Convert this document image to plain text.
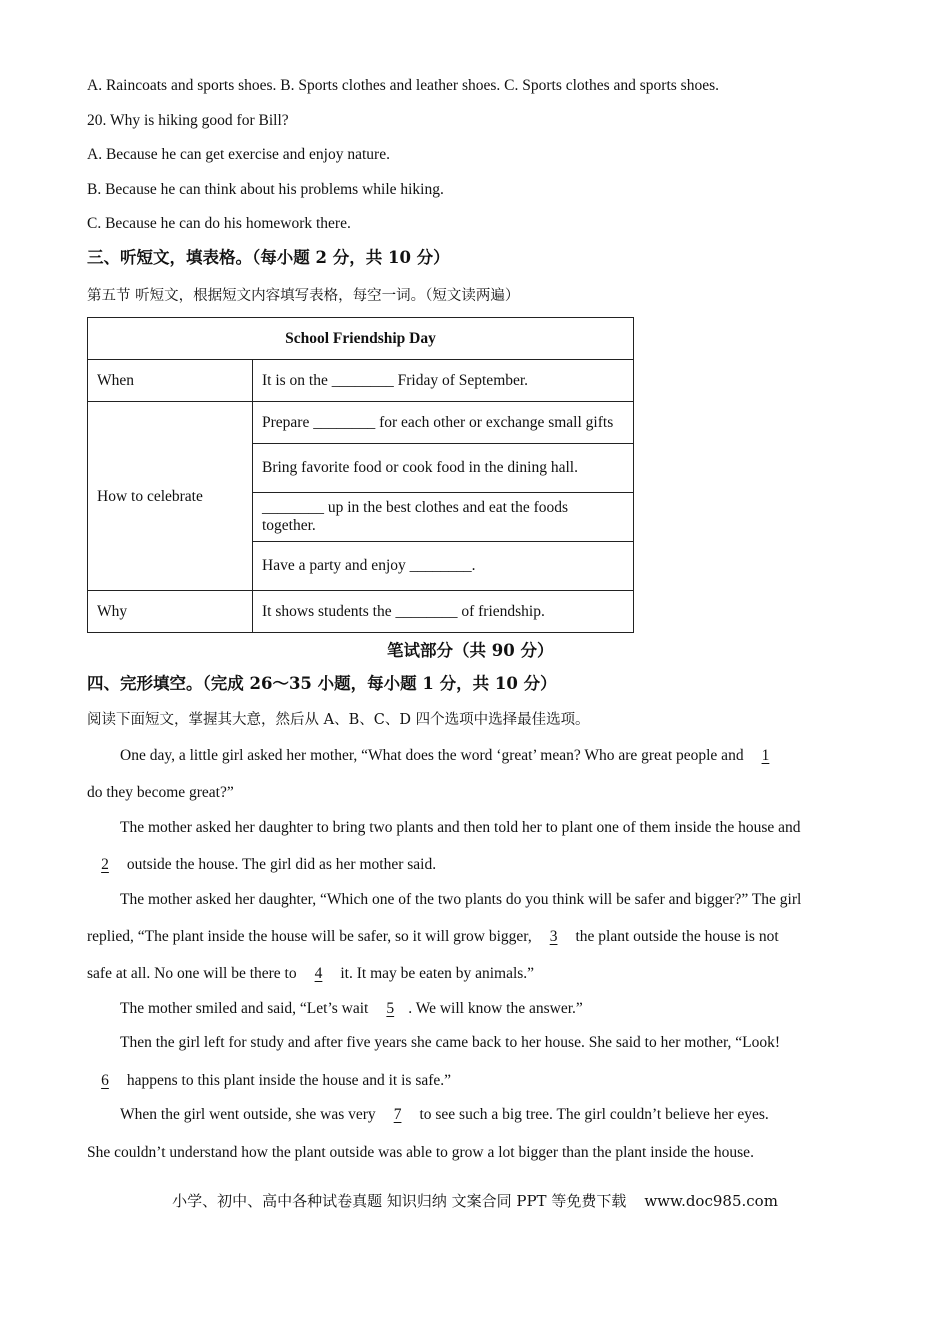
A. Raincoats and sports shoes. B. Sports clothes and leather shoes. C. Sports clothes and sports shoes.
20. Why is hiking good for Bill?
A. Because he can get exercise and enjoy nature.
B. Because he can think about his problems while hiking.
C. Because he can do his homework there.
三、听短文，填表格。（每小题 2 分，共 10 分）
第五节 听短文，根据短文内容填写表格，每空一词。（短文读两遍）
School Friendship Day	
When	It is on the ________ Friday of September.
How to celebrate	Prepare ________ for each other or exchange small gifts
	Bring favorite food or cook food in the dining hall.
	________ up in the best clothes and eat the foods together.
	Have a party and enjoy ________.
Why	It shows students the ________ of friendship.
笔试部分（共 90 分）
四、完形填空。（完成 26～35 小题，每小题 1 分，共 10 分）
阅读下面短文，掌握其大意，然后从 A、B、C、D 四个选项中选择最佳选项。
One day, a little girl asked her mother, “What does the word ‘great’ mean? Who are great people and 1
do they become great?”
The mother asked her daughter to bring two plants and then told her to plant one of them inside the house and
2 outside the house. The girl did as her mother said.
The mother asked her daughter, “Which one of the two plants do you think will be safer and bigger?” The girl
replied, “The plant inside the house will be safer, so it will grow bigger, 3 the plant outside the house is not
safe at all. No one will be there to 4 it. It may be eaten by animals.”
The mother smiled and said, “Let’s wait 5 . We will know the answer.”
Then the girl left for study and after five years she came back to her house. She said to her mother, “Look!
6 happens to this plant inside the house and it is safe.”
When the girl went outside, she was very 7 to see such a big tree. The girl couldn’t believe her eyes.
She couldn’t understand how the plant outside was able to grow a lot bigger than the plant inside the house.
小学、初中、高中各种试卷真题 知识归纳 文案合同 PPT 等免费下载 www.doc985.com
